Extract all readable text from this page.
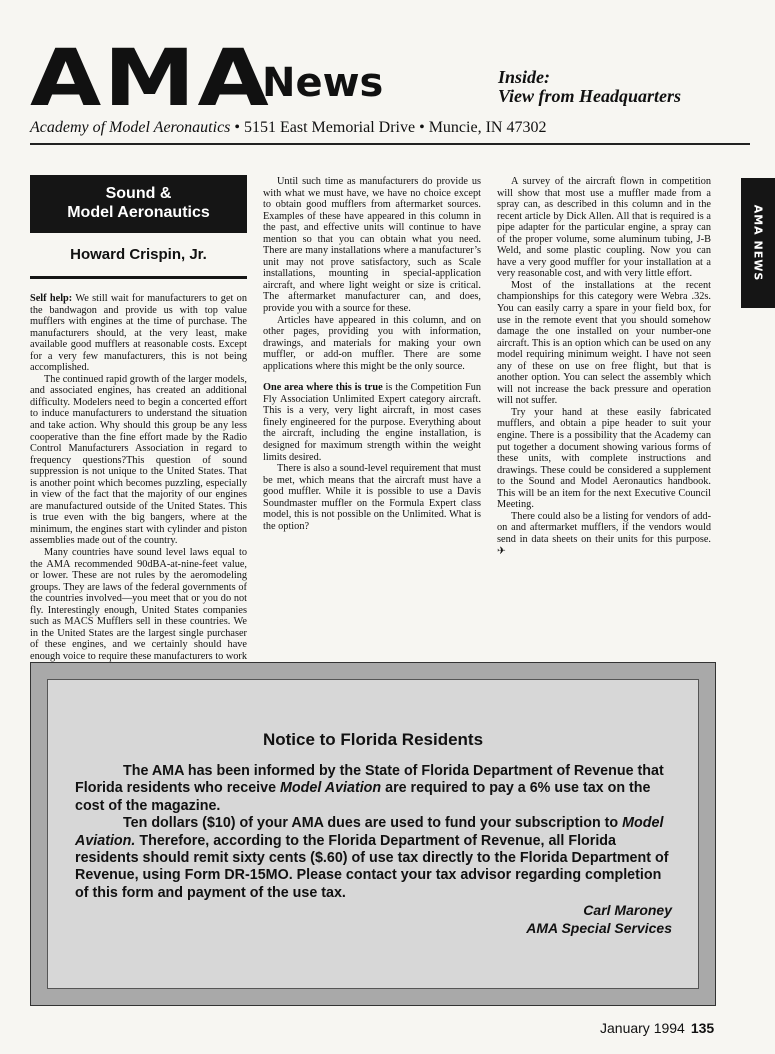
AMA
News	Inside:
View from Headquarters
Academy of Model Aeronautics • 5151 East Memorial Drive • Muncie, IN 47302
AMA NEWS
Sound &
Model Aeronautics
Howard Crispin, Jr.

Self help: We still wait for manufacturers to get on the bandwagon and provide us with top value mufflers with engines at the time of purchase. The manufacturers should, at the very least, make available good mufflers at reasonable costs. Except for a very few manufacturers, this is not being accomplished.

The continued rapid growth of the larger models, and associated engines, has created an additional difficulty. Modelers need to begin a concerted effort to induce manufacturers to understand the situation and take action. Why should this group be any less cooperative than the fine effort made by the Radio Control Manufacturers Association in regard to frequency questions?This question of sound suppression is not unique to the United States. That is another point which becomes puzzling, especially in view of the fact that the majority of our engines are manufactured outside of the United States. This is true even with the big bangers, where at the minimum, the engines start with cylinder and piston assemblies made out of the country.

Many countries have sound level laws equal to the AMA recommended 90dBA-at-nine-feet value, or lower. These are not rules by the aeromodeling groups. They are laws of the federal governments of the countries involved—you meet that or you do not fly. Interestingly enough, United States companies such as MACS Mufflers sell in these countries. We in the United States are the largest single purchaser of these engines, and we certainly should have enough voice to require these manufacturers to work

Until such time as manufacturers do provide us with what we must have, we have no choice except to obtain good mufflers from aftermarket sources. Examples of these have appeared in this column in the past, and effective units will continue to have mention so that you can obtain what you need. There are many installations where a manufacturer’s unit may not prove satisfactory, such as Scale installations, mounting in special-application aircraft, and where light weight or size is critical. The aftermarket manufacturer can, and does, provide you with a source for these.

Articles have appeared in this column, and on other pages, providing you with information, drawings, and materials for making your own muffler, or add-on muffler. There are some applications where this might be the only source.

One area where this is true is the Competition Fun Fly Association Unlimited Expert category aircraft. This is a very, very light aircraft, in most cases finely engineered for the purpose. Everything about the aircraft, including the engine installation, is designed for maximum strength within the weight limits desired.

There is also a sound-level requirement that must be met, which means that the aircraft must have a good muffler. While it is possible to use a Davis Soundmaster muffler on the Formula Expert class model, this is not possible on the Unlimited. What is the option?

A survey of the aircraft flown in competition will show that most use a muffler made from a spray can, as described in this column and in the recent article by Dick Allen. All that is required is a pipe adapter for the particular engine, a spray can of the proper volume, some aluminum tubing, J-B Weld, and some plastic coupling. Now you can have a very good muffler for your installation at a very reasonable cost, and with very little effort.

Most of the installations at the recent championships for this category were Webra .32s. You can easily carry a spare in your field box, for use in the remote event that you should somehow damage the one installed on your number-one aircraft. This is an option which can be used on any model requiring minimum weight. I have not seen any of these on use on free flight, but that is another option. You can select the assembly which will not increase the back pressure and operation will not suffer.

Try your hand at these easily fabricated mufflers, and obtain a pipe header to suit your engine. There is a possibility that the Academy can put together a document showing various forms of these units, with complete instructions and drawings. These could be considered a supplement to the Sound and Model Aeronautics handbook. This will be an item for the next Executive Council Meeting.

There could also be a listing for vendors of add-on and aftermarket mufflers, if the vendors would send in data sheets on their units for this purpose. ✈

Notice to Florida Residents

The AMA has been informed by the State of Florida Department of Revenue that Florida residents who receive Model Aviation are required to pay a 6% use tax on the cost of the magazine.

Ten dollars ($10) of your AMA dues are used to fund your subscription to Model Aviation. Therefore, according to the Florida Department of Revenue, all Florida residents should remit sixty cents ($.60) of use tax directly to the Florida Department of Revenue, using Form DR-15MO. Please contact your tax advisor regarding completion of this form and payment of the use tax.

Carl Maroney
AMA Special Services
January 1994 135
